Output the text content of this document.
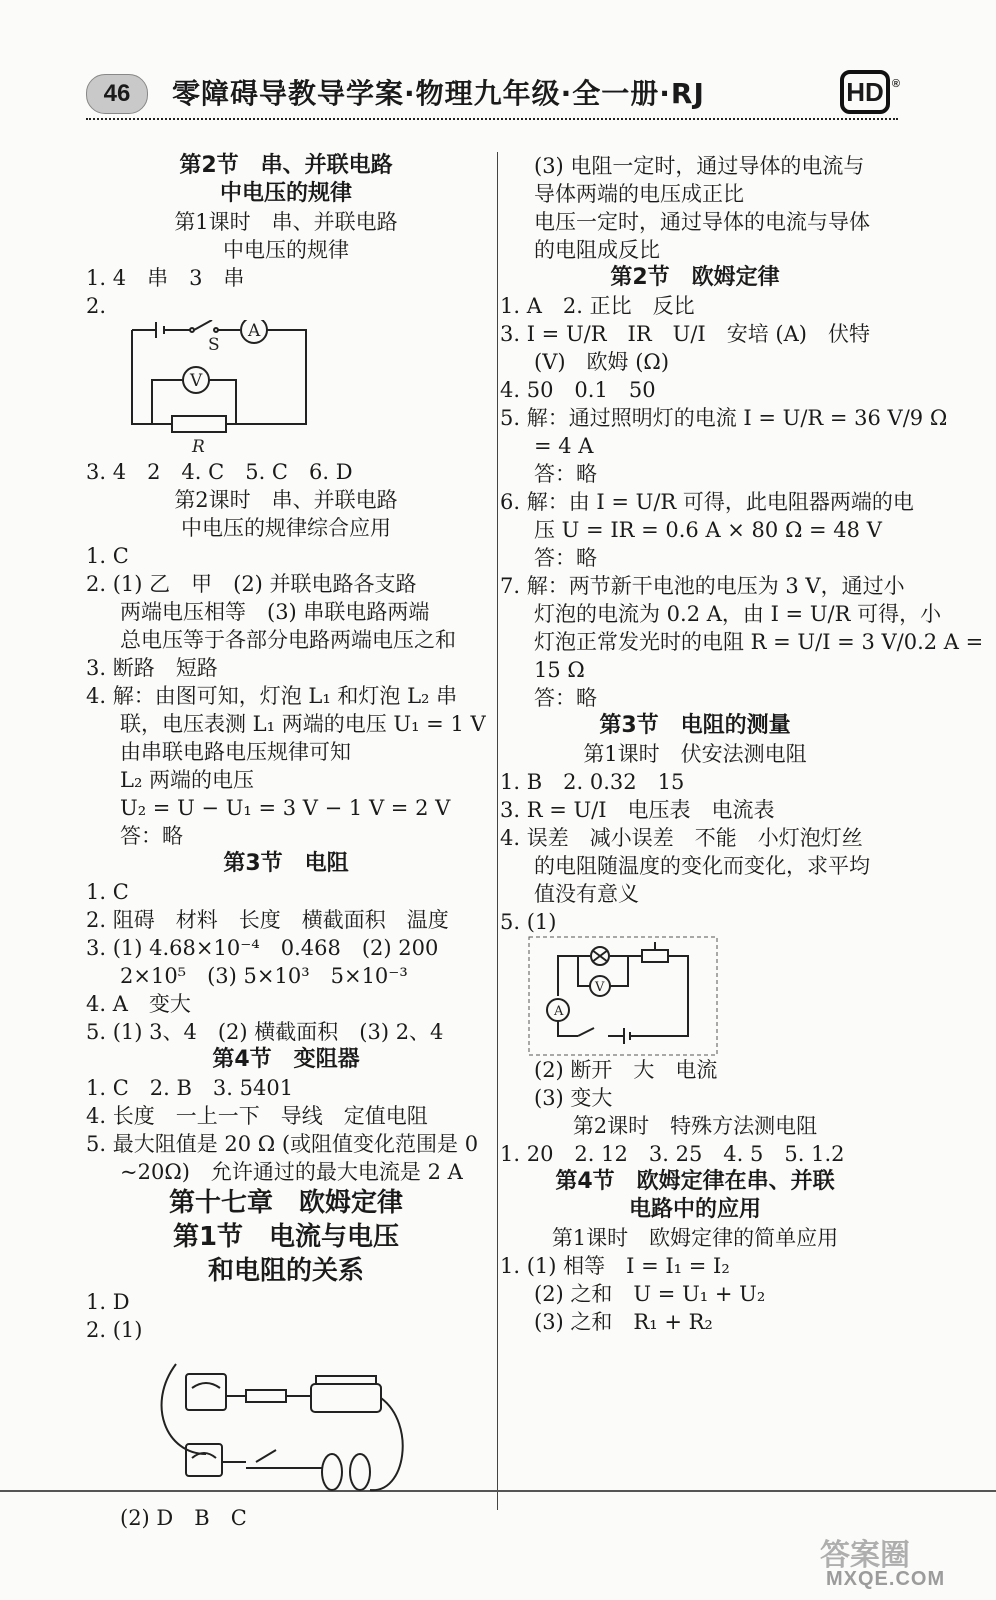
46	零障碍导教导学案·物理九年级·全一册·RJ	HD ®
第2节　串、并联电路
中电压的规律
第1课时　串、并联电路
中电压的规律
1. 4　串　3　串
2.
S
A
V
R
3. 4　2　4. C　5. C　6. D
第2课时　串、并联电路
中电压的规律综合应用
1. C
2. (1) 乙　甲　(2) 并联电路各支路
两端电压相等　(3) 串联电路两端
总电压等于各部分电路两端电压之和
3. 断路　短路
4. 解：由图可知，灯泡 L₁ 和灯泡 L₂ 串
联，电压表测 L₁ 两端的电压 U₁ = 1 V
由串联电路电压规律可知
L₂ 两端的电压
U₂ = U − U₁ = 3 V − 1 V = 2 V
答：略
第3节　电阻
1. C
2. 阻碍　材料　长度　横截面积　温度
3. (1) 4.68×10⁻⁴　0.468　(2) 200
2×10⁵　(3) 5×10³　5×10⁻³
4. A　变大
5. (1) 3、4　(2) 横截面积　(3) 2、4
第4节　变阻器
1. C　2. B　3. 5401
4. 长度　一上一下　导线　定值电阻
5. 最大阻值是 20 Ω (或阻值变化范围是 0
~20Ω)　允许通过的最大电流是 2 A
第十七章　欧姆定律
第1节　电流与电压
和电阻的关系
1. D
2. (1)
(2) D　B　C
(3) 电阻一定时，通过导体的电流与
导体两端的电压成正比
电压一定时，通过导体的电流与导体
的电阻成反比
第2节　欧姆定律
1. A　2. 正比　反比
3. I = U/R　IR　U/I　安培 (A)　伏特
(V)　欧姆 (Ω)
4. 50　0.1　50
5. 解：通过照明灯的电流 I = U/R = 36 V/9 Ω
= 4 A
答：略
6. 解：由 I = U/R 可得，此电阻器两端的电
压 U = IR = 0.6 A × 80 Ω = 48 V
答：略
7. 解：两节新干电池的电压为 3 V，通过小
灯泡的电流为 0.2 A，由 I = U/R 可得，小
灯泡正常发光时的电阻 R = U/I = 3 V/0.2 A =
15 Ω
答：略
第3节　电阻的测量
第1课时　伏安法测电阻
1. B　2. 0.32　15
3. R = U/I　电压表　电流表
4. 误差　减小误差　不能　小灯泡灯丝
的电阻随温度的变化而变化，求平均
值没有意义
5. (1)
A
V
(2) 断开　大　电流
(3) 变大
第2课时　特殊方法测电阻
1. 20　2. 12　3. 25　4. 5　5. 1.2
第4节　欧姆定律在串、并联
电路中的应用
第1课时　欧姆定律的简单应用
1. (1) 相等　I = I₁ = I₂
(2) 之和　U = U₁ + U₂
(3) 之和　R₁ + R₂
答案圈
MXQE.COM
